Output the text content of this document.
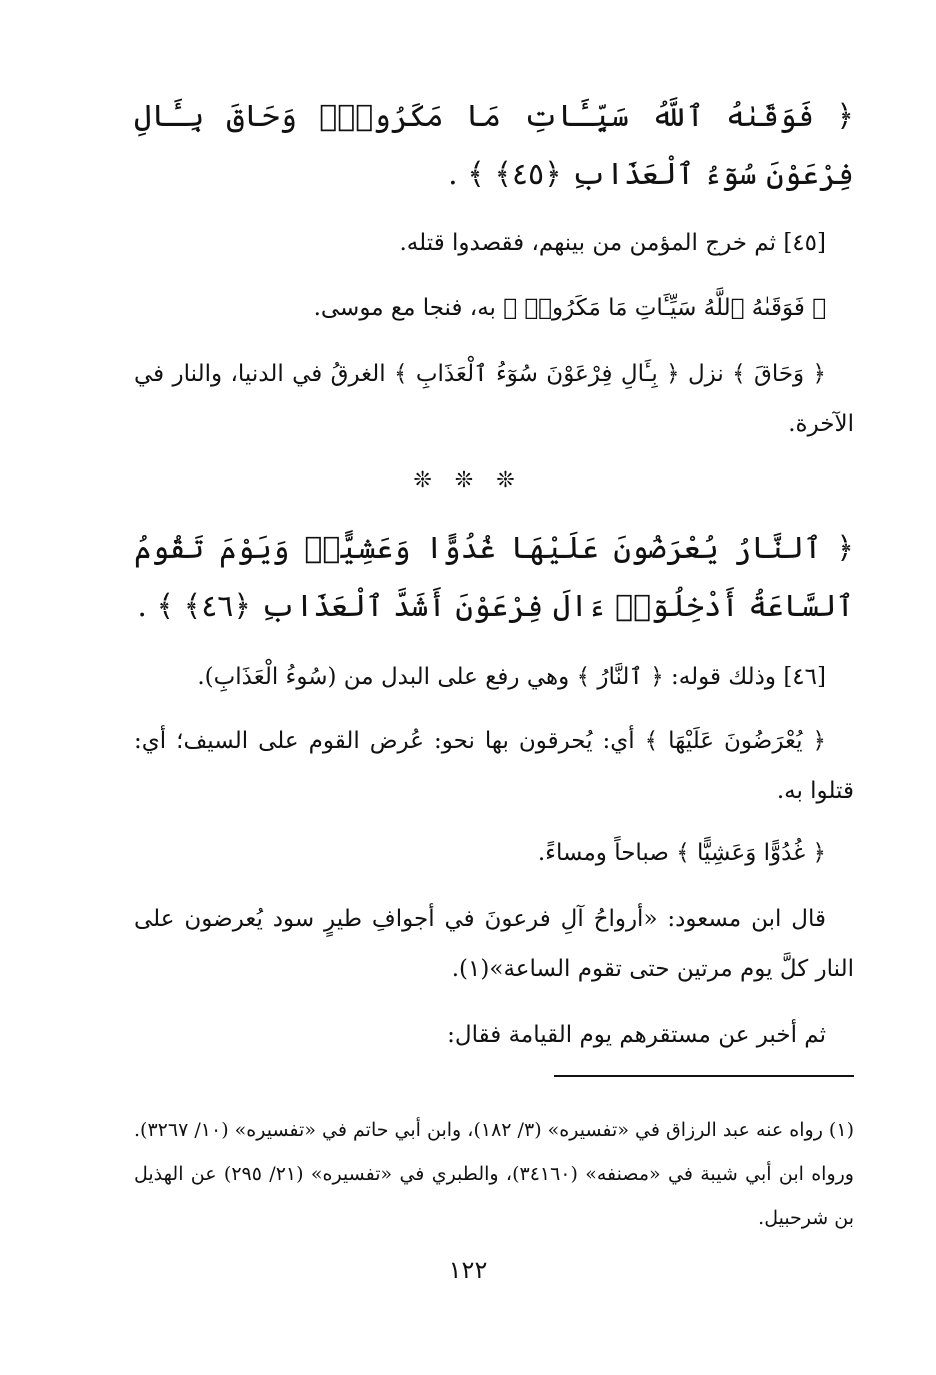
﴿ فَوَقَىٰهُ ٱللَّهُ سَيِّـَٔاتِ مَا مَكَرُوا۟ۖ وَحَاقَ بِـَٔالِ فِرْعَوْنَ سُوٓءُ ٱلْعَذَابِ ﴿٤٥﴾ ﴾ .

[٤٥] ثم خرج المؤمن من بينهم، فقصدوا قتله.

﴿ فَوَقَىٰهُ ٱللَّهُ سَيِّـَٔاتِ مَا مَكَرُوا۟ ﴾ به، فنجا مع موسى.

﴿ وَحَاقَ ﴾ نزل ﴿ بِـَٔالِ فِرْعَوْنَ سُوٓءُ ٱلْعَذَابِ ﴾ الغرقُ في الدنيا، والنار في الآخرة.

❊ ❊ ❊

﴿ ٱلنَّارُ يُعْرَضُونَ عَلَيْهَا غُدُوًّا وَعَشِيًّاۖ وَيَوْمَ تَقُومُ ٱلسَّاعَةُ أَدْخِلُوٓا۟ ءَالَ فِرْعَوْنَ أَشَدَّ ٱلْعَذَابِ ﴿٤٦﴾ ﴾ .

[٤٦] وذلك قوله: ﴿ ٱلنَّارُ ﴾ وهي رفع على البدل من (سُوءُ الْعَذَابِ).

﴿ يُعْرَضُونَ عَلَيْهَا ﴾ أي: يُحرقون بها نحو: عُرض القوم على السيف؛ أي: قتلوا به.

﴿ غُدُوًّا وَعَشِيًّا ﴾ صباحاً ومساءً.

قال ابن مسعود: «أرواحُ آلِ فرعونَ في أجوافِ طيرٍ سود يُعرضون على النار كلَّ يوم مرتين حتى تقوم الساعة»(١).

ثم أخبر عن مستقرهم يوم القيامة فقال:

(١) رواه عنه عبد الرزاق في «تفسيره» (٣/ ١٨٢)، وابن أبي حاتم في «تفسيره» (١٠/ ٣٢٦٧). ورواه ابن أبي شيبة في «مصنفه» (٣٤١٦٠)، والطبري في «تفسيره» (٢١/ ٢٩٥) عن الهذيل بن شرحبيل.

١٢٢
